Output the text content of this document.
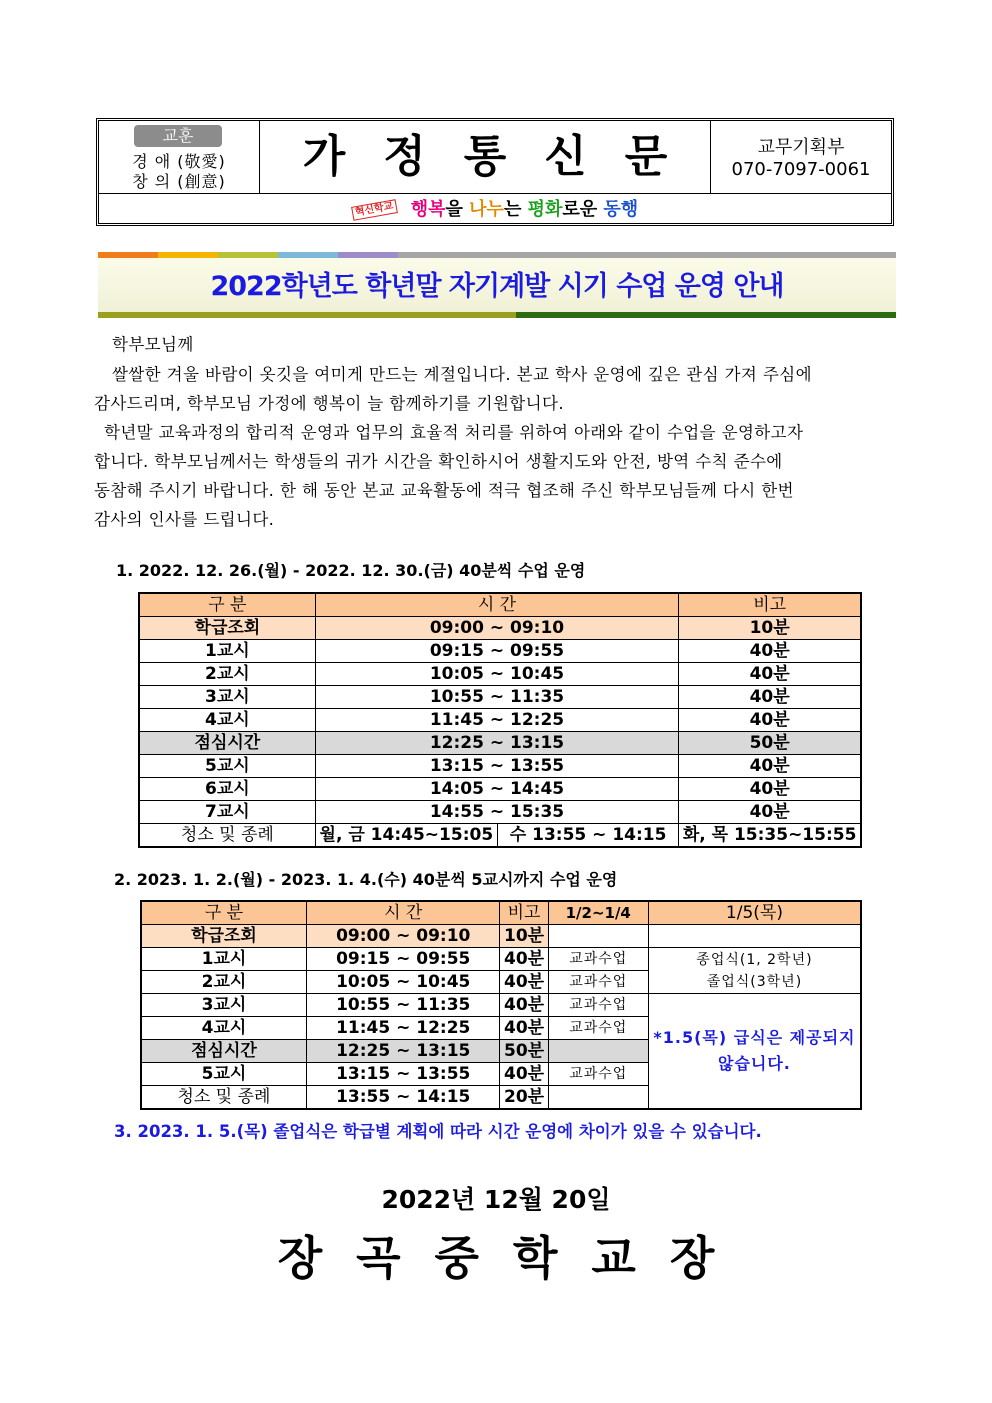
교훈
경 애 (敬愛)
창 의 (創意)	가정통신문	교무기획부
070-7097-0061
혁신학교 행복을 나누는 평화로운 동행
2022학년도 학년말 자기계발 시기 수업 운영 안내
학부모님께
쌀쌀한 겨울 바람이 옷깃을 여미게 만드는 계절입니다. 본교 학사 운영에 깊은 관심 가져 주심에
감사드리며, 학부모님 가정에 행복이 늘 함께하기를 기원합니다.
학년말 교육과정의 합리적 운영과 업무의 효율적 처리를 위하여 아래와 같이 수업을 운영하고자
합니다. 학부모님께서는 학생들의 귀가 시간을 확인하시어 생활지도와 안전, 방역 수칙 준수에
동참해 주시기 바랍니다. 한 해 동안 본교 교육활동에 적극 협조해 주신 학부모님들께 다시 한번
감사의 인사를 드립니다.
1. 2022. 12. 26.(월) - 2022. 12. 30.(금) 40분씩 수업 운영
구 분	시 간		비고
학급조회	09:00 ~ 09:10		10분
1교시	09:15 ~ 09:55		40분
2교시	10:05 ~ 10:45		40분
3교시	10:55 ~ 11:35		40분
4교시	11:45 ~ 12:25		40분
점심시간	12:25 ~ 13:15		50분
5교시	13:15 ~ 13:55		40분
6교시	14:05 ~ 14:45		40분
7교시	14:55 ~ 15:35		40분
청소 및 종례	월, 금 14:45~15:05	수 13:55 ~ 14:15	화, 목 15:35~15:55
2. 2023. 1. 2.(월) - 2023. 1. 4.(수) 40분씩 5교시까지 수업 운영
구 분	시 간	비고	1/2~1/4	1/5(목)
학급조회	09:00 ~ 09:10	10분		
1교시	09:15 ~ 09:55	40분	교과수업	종업식(1, 2학년)
졸업식(3학년)

2교시	10:05 ~ 10:45	40분	교과수업	
3교시	10:55 ~ 11:35	40분	교과수업	*1.5(목) 급식은 제공되지
않습니다.

4교시	11:45 ~ 12:25	40분	교과수업	
점심시간	12:25 ~ 13:15	50분		
5교시	13:15 ~ 13:55	40분	교과수업	
청소 및 종례	13:55 ~ 14:15	20분		
3. 2023. 1. 5.(목) 졸업식은 학급별 계획에 따라 시간 운영에 차이가 있을 수 있습니다.
2022년 12월 20일
장곡중학교장
